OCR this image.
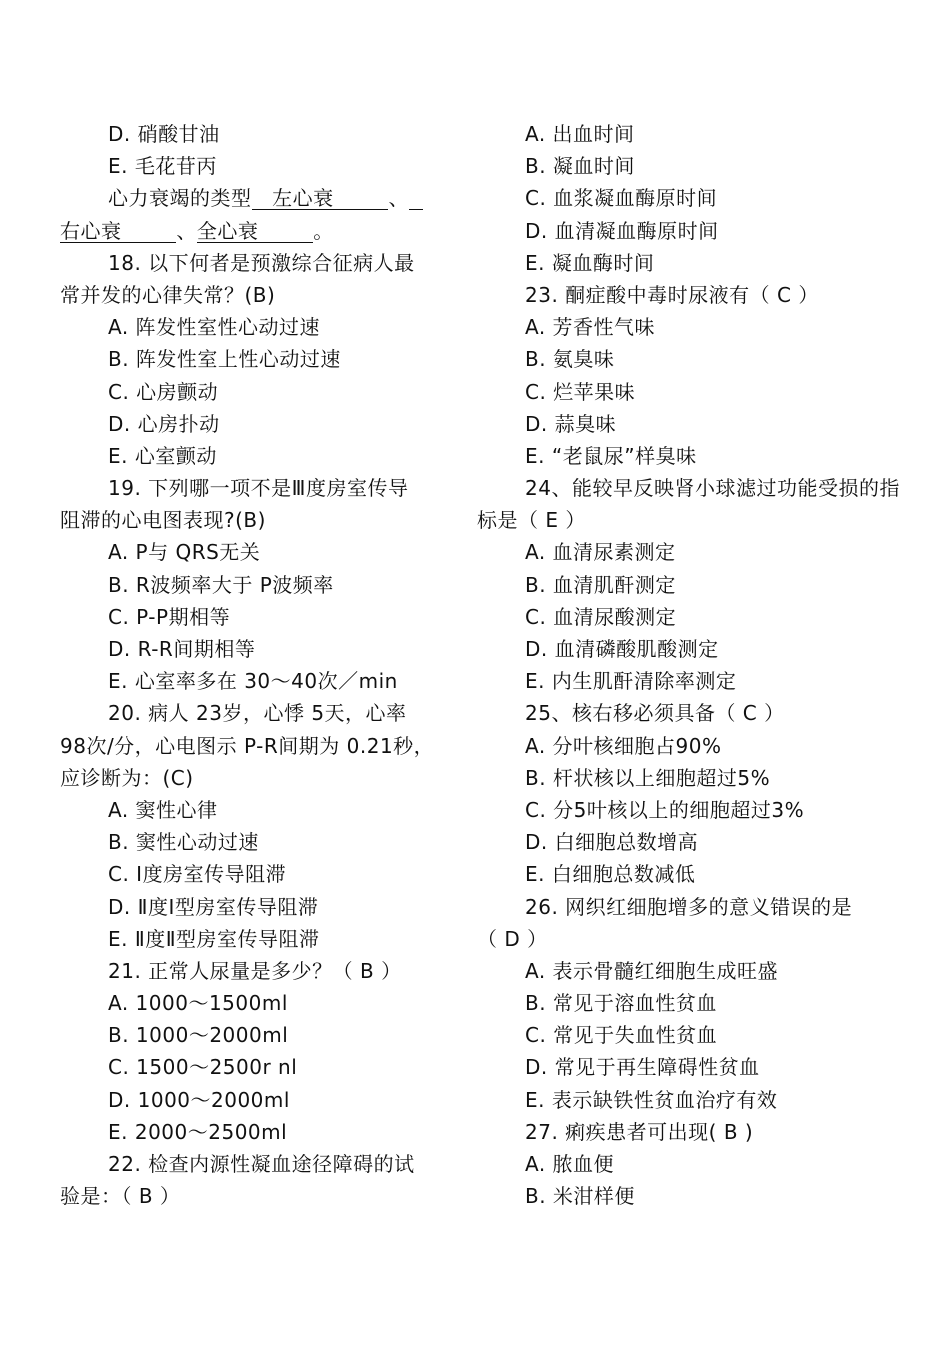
D. 硝酸甘油
E. 毛花苷丙
心力衰竭的类型   左心衰        、
右心衰        、全心衰        。
18. 以下何者是预激综合征病人最
常并发的心律失常？(B)
A. 阵发性室性心动过速
B. 阵发性室上性心动过速
C. 心房颤动
D. 心房扑动
E. 心室颤动
19. 下列哪一项不是Ⅲ度房室传导
阻滞的心电图表现?(B)
A. P与 QRS无关
B. R波频率大于 P波频率
C. P-P期相等
D. R-R间期相等
E. 心室率多在 30～40次／min
20. 病人 23岁，心悸 5天，心率
98次/分，心电图示 P-R间期为 0.21秒，
应诊断为：(C)
A. 窦性心律
B. 窦性心动过速
C. Ⅰ度房室传导阻滞
D. Ⅱ度Ⅰ型房室传导阻滞
E. Ⅱ度Ⅱ型房室传导阻滞
21. 正常人尿量是多少？（ B ）
A. 1000～1500ml
B. 1000～2000ml
C. 1500～2500r nl
D. 1000～2000ml
E. 2000～2500ml
22. 检查内源性凝血途径障碍的试
验是：（ B ）
A. 出血时间
B. 凝血时间
C. 血浆凝血酶原时间
D. 血清凝血酶原时间
E. 凝血酶时间
23. 酮症酸中毒时尿液有（ C ）
A. 芳香性气味
B. 氨臭味
C. 烂苹果味
D. 蒜臭味
E. “老鼠尿”样臭味
24、能较早反映肾小球滤过功能受损的指
标是（ E ）
A. 血清尿素测定
B. 血清肌酐测定
C. 血清尿酸测定
D. 血清磷酸肌酸测定
E. 内生肌酐清除率测定
25、核右移必须具备（ C ）
A. 分叶核细胞占90%
B. 杆状核以上细胞超过5%
C. 分5叶核以上的细胞超过3%
D. 白细胞总数增高
E. 白细胞总数减低
26. 网织红细胞增多的意义错误的是
（ D ）
A. 表示骨髓红细胞生成旺盛
B. 常见于溶血性贫血
C. 常见于失血性贫血
D. 常见于再生障碍性贫血
E. 表示缺铁性贫血治疗有效
27. 痢疾患者可出现( B )
A. 脓血便
B. 米泔样便
